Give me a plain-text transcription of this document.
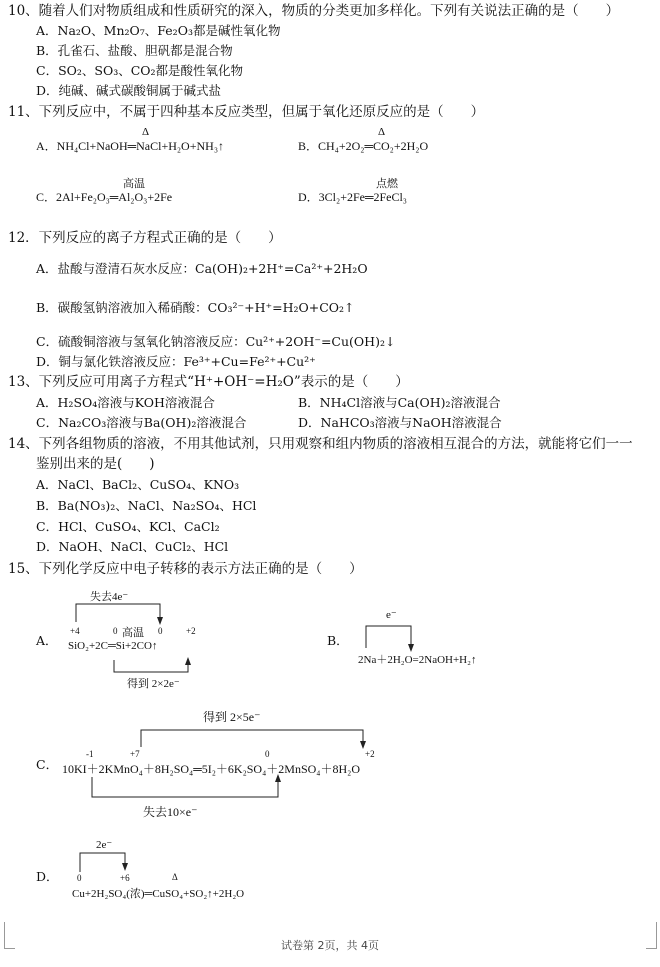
10、随着人们对物质组成和性质研究的深入，物质的分类更加多样化。下列有关说法正确的是（　　）
A．Na₂O、Mn₂O₇、Fe₂O₃都是碱性氧化物
B．孔雀石、盐酸、胆矾都是混合物
C．SO₂、SO₃、CO₂都是酸性氧化物
D．纯碱、碱式碳酸铜属于碱式盐
11、下列反应中，不属于四种基本反应类型，但属于氧化还原反应的是（　　）
Δ
A．NH₄Cl+NaOH═NaCl+H₂O+NH₃↑
Δ
B．CH₄+2O₂═CO₂+2H₂O
高温
C．2Al+Fe₂O₃═Al₂O₃+2Fe
点燃
D．3Cl₂+2Fe═2FeCl₃
12．下列反应的离子方程式正确的是（　　）
A．盐酸与澄清石灰水反应：Ca(OH)₂+2H⁺=Ca²⁺+2H₂O
B．碳酸氢钠溶液加入稀硝酸：CO₃²⁻+H⁺=H₂O+CO₂↑
C．硫酸铜溶液与氢氧化钠溶液反应：Cu²⁺+2OH⁻=Cu(OH)₂↓
D．铜与氯化铁溶液反应：Fe³⁺+Cu=Fe²⁺+Cu²⁺
13、下列反应可用离子方程式“H⁺+OH⁻=H₂O”表示的是（　　）
A．H₂SO₄溶液与KOH溶液混合	B．NH₄Cl溶液与Ca(OH)₂溶液混合
C．Na₂CO₃溶液与Ba(OH)₂溶液混合	D．NaHCO₃溶液与NaOH溶液混合
14、下列各组物质的溶液，不用其他试剂，只用观察和组内物质的溶液相互混合的方法，就能将它们一一
鉴别出来的是(　　)
A．NaCl、BaCl₂、CuSO₄、KNO₃
B．Ba(NO₃)₂、NaCl、Na₂SO₄、HCl
C．HCl、CuSO₄、KCl、CaCl₂
D．NaOH、NaCl、CuCl₂、HCl
15、下列化学反应中电子转移的表示方法正确的是（　　）
A．
失去4e⁻
+4	0 高温 0	+2
SiO₂+2C═Si+2CO↑
得到 2×2e⁻
B．
e⁻
2Na＋2H₂O=2NaOH+H₂↑
C．
得到 2×5e⁻
-1	+7	0	+2
10KI＋2KMnO₄＋8H₂SO₄═5I₂＋6K₂SO₄＋2MnSO₄＋8H₂O
失去10×e⁻
D．
2e⁻
0	+6	Δ
Cu+2H₂SO₄(浓)═CuSO₄+SO₂↑+2H₂O
试卷第 2页，共 4页
